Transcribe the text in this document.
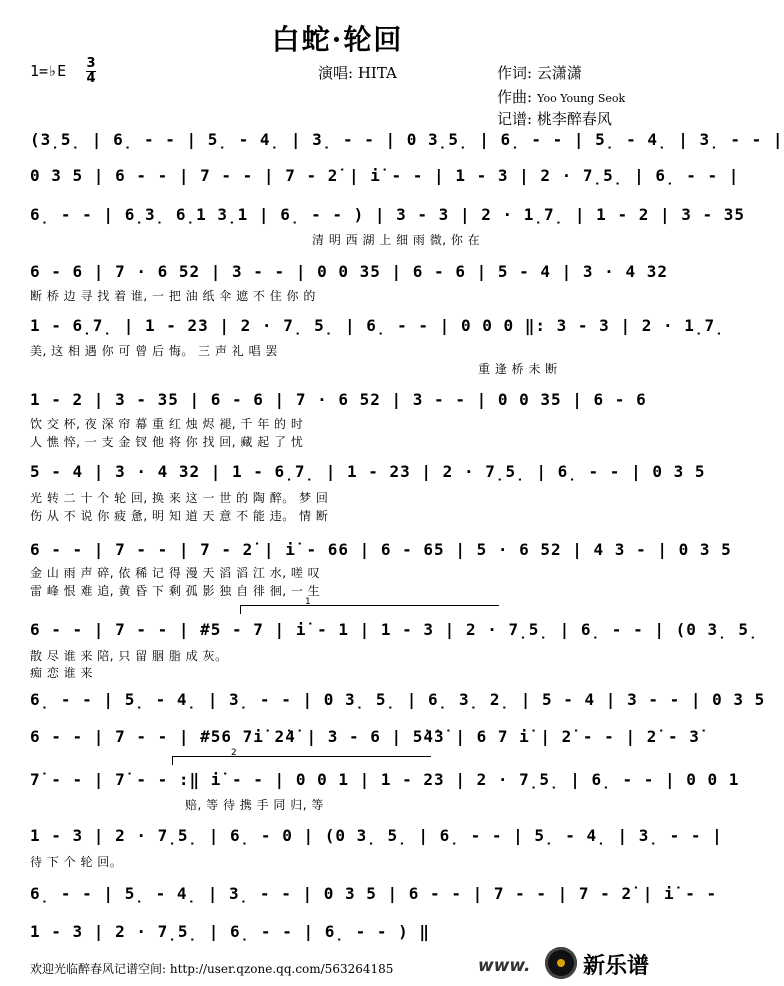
白蛇·轮回
1=♭E 3
4	演唱: HITA	作词: 云潇潇
作曲: Yoo Young Seok
记谱: 桃李醉春风
(3̣5̣ | 6̣ - - | 5̣ - 4̣ | 3̣ - - | 0 3̣5̣ | 6̣ - - | 5̣ - 4̣ | 3̣ - - |
0 3 5 | 6 - - | 7 - - | 7 - 2̇ | i̇ - - | 1 - 3 | 2 · 7̣5̣ | 6̣ - - |
6̣ - - | 6̣3̣ 6̣1 3̣1 | 6̣ - - ) | 3 - 3 | 2 · 1̣7̣ | 1 - 2 | 3 - 35
清 明 西 湖 上 细 雨 微, 你 在
6 - 6 | 7 · 6 52 | 3 - - | 0 0 35 | 6 - 6 | 5 - 4 | 3 · 4 32
断 桥 边 寻 找 着 谁, 一 把 油 纸 伞 遮 不 住 你 的
1 - 6̣7̣ | 1 - 23 | 2 · 7̣ 5̣ | 6̣ - - | 0 0 0 ‖: 3 - 3 | 2 · 1̣7̣
美, 这 相 遇 你 可 曾 后 悔。 三 声 礼 唱 罢
重 逢 桥 未 断
1 - 2 | 3 - 35 | 6 - 6 | 7 · 6 52 | 3 - - | 0 0 35 | 6 - 6
饮 交 杯, 夜 深 帘 幕 重 红 烛 烬 褪, 千 年 的 时
人 憔 悴, 一 支 金 钗 他 将 你 找 回, 藏 起 了 忧
5 - 4 | 3 · 4 32 | 1 - 6̣7̣ | 1 - 23 | 2 · 7̣5̣ | 6̣ - - | 0 3 5
光 转 二 十 个 轮 回, 换 来 这 一 世 的 陶 醉。 梦 回
伤 从 不 说 你 疲 惫, 明 知 道 天 意 不 能 违。 情 断
6 - - | 7 - - | 7 - 2̇ | i̇ - 66 | 6 - 65 | 5 · 6 52 | 4 3 - | 0 3 5
金 山 雨 声 碎, 依 稀 记 得 漫 天 滔 滔 江 水, 嗟 叹
雷 峰 恨 难 追, 黄 昏 下 剩 孤 影 独 自 徘 徊, 一 生
1
6 - - | 7 - - | #5 - 7 | i̇ - 1 | 1 - 3 | 2 · 7̣5̣ | 6̣ - - | (0 3̣ 5̣
散 尽 谁 来 陪, 只 留 胭 脂 成 灰。
痴 恋 谁 来
6̣ - - | 5̣ - 4̣ | 3̣ - - | 0 3̣ 5̣ | 6̣ 3̣ 2̣ | 5 - 4 | 3 - - | 0 3 5
6 - - | 7 - - | #56 7i̇ 2̇4̇ | 3 - 6 | 5̇4̇3̇ | 6 7 i̇ | 2̇ - - | 2̇ - 3̇
2
7̇ - - | 7̇ - - :‖ i̇ - - | 0 0 1 | 1 - 23 | 2 · 7̣5̣ | 6̣ - - | 0 0 1
赔, 等 待 携 手 同 归, 等
1 - 3 | 2 · 7̣5̣ | 6̣ - 0 | (0 3̣ 5̣ | 6̣ - - | 5̣ - 4̣ | 3̣ - - |
待 下 个 轮 回。
6̣ - - | 5̣ - 4̣ | 3̣ - - | 0 3 5 | 6 - - | 7 - - | 7 - 2̇ | i̇ - -
1 - 3 | 2 · 7̣5̣ | 6̣ - - | 6̣ - - ) ‖
欢迎光临醉春风记谱空间: http://user.qzone.qq.com/563264185	www. 新乐谱
